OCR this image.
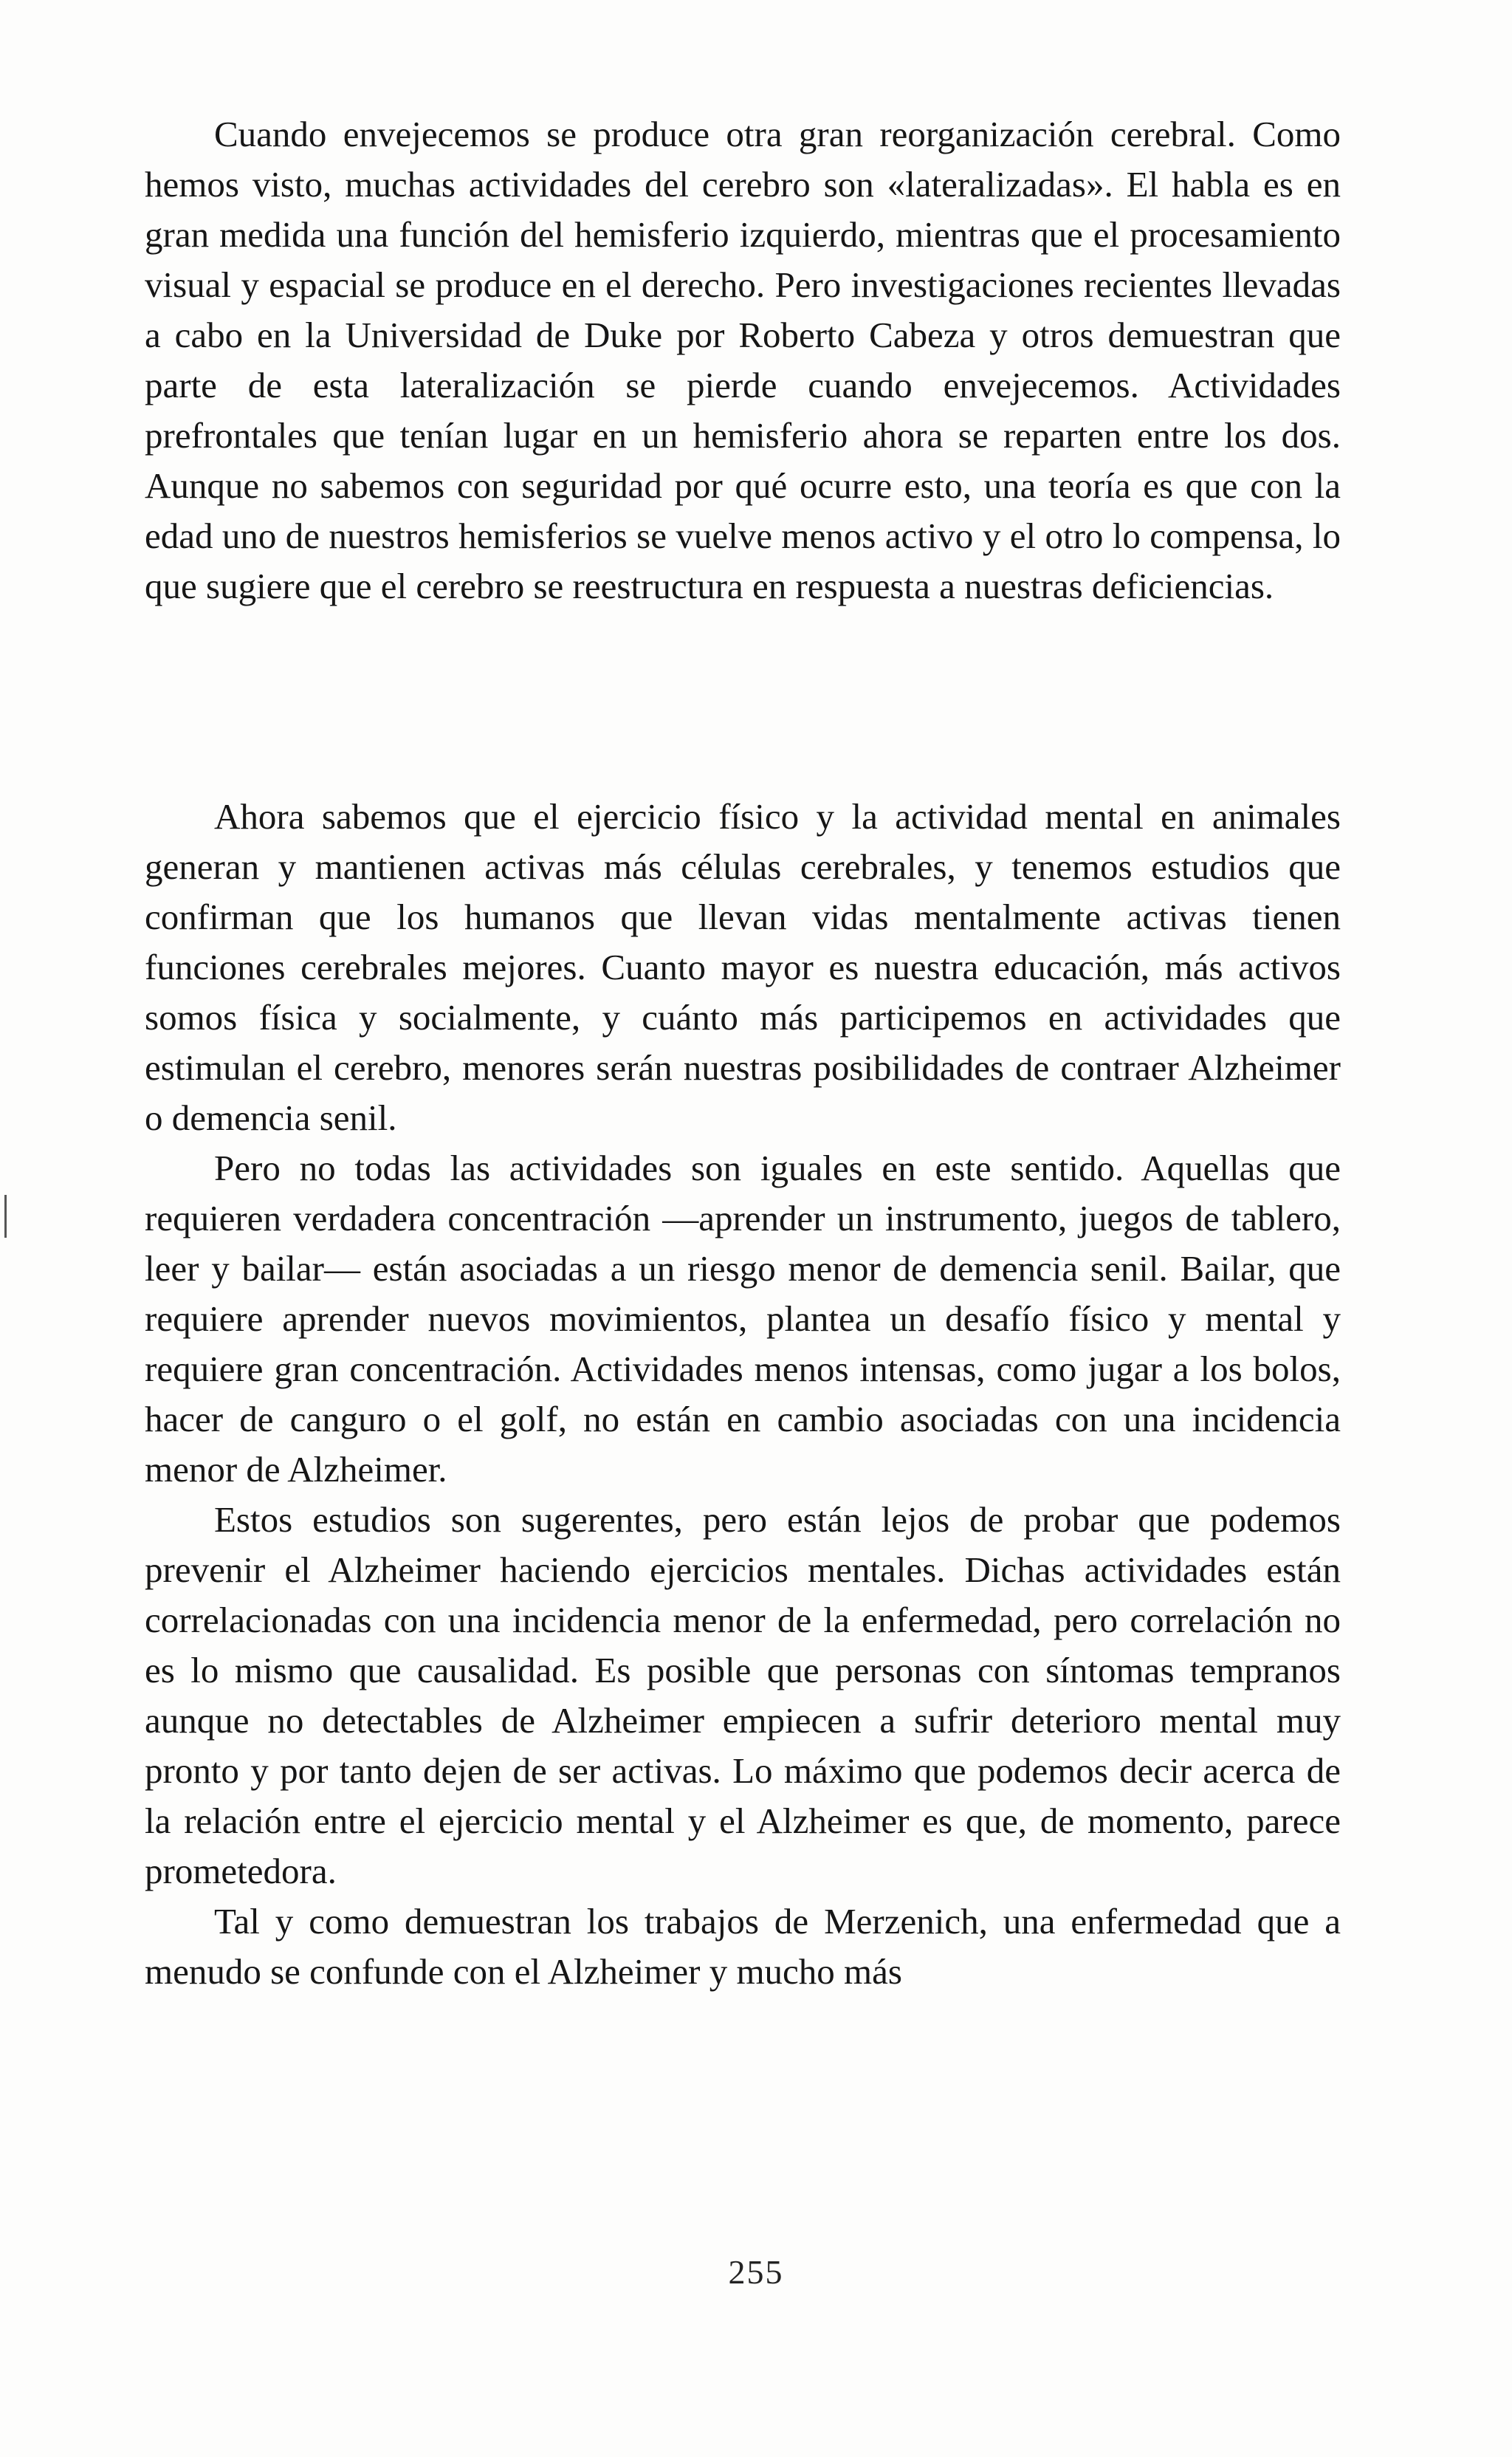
Cuando envejecemos se produce otra gran reorganización cerebral. Como hemos visto, muchas actividades del cerebro son «lateralizadas». El habla es en gran medida una función del hemisferio izquierdo, mientras que el procesamiento visual y espacial se produce en el derecho. Pero investigaciones recientes llevadas a cabo en la Universidad de Duke por Roberto Cabeza y otros demuestran que parte de esta lateralización se pierde cuando envejecemos. Actividades prefrontales que tenían lugar en un hemisferio ahora se reparten entre los dos. Aunque no sabemos con seguridad por qué ocurre esto, una teoría es que con la edad uno de nuestros hemisferios se vuelve menos activo y el otro lo compensa, lo que sugiere que el cerebro se reestructura en respuesta a nuestras deficiencias.

Ahora sabemos que el ejercicio físico y la actividad mental en animales generan y mantienen activas más células cerebrales, y tenemos estudios que confirman que los humanos que llevan vidas mentalmente activas tienen funciones cerebrales mejores. Cuanto mayor es nuestra educación, más activos somos física y socialmente, y cuánto más participemos en actividades que estimulan el cerebro, menores serán nuestras posibilidades de contraer Alzheimer o demencia senil.

Pero no todas las actividades son iguales en este sentido. Aquellas que requieren verdadera concentración —aprender un instrumento, juegos de tablero, leer y bailar— están asociadas a un riesgo menor de demencia senil. Bailar, que requiere aprender nuevos movimientos, plantea un desafío físico y mental y requiere gran concentración. Actividades menos intensas, como jugar a los bolos, hacer de canguro o el golf, no están en cambio asociadas con una incidencia menor de Alzheimer.

Estos estudios son sugerentes, pero están lejos de probar que podemos prevenir el Alzheimer haciendo ejercicios mentales. Dichas actividades están correlacionadas con una incidencia menor de la enfermedad, pero correlación no es lo mismo que causalidad. Es posible que personas con síntomas tempranos aunque no detectables de Alzheimer empiecen a sufrir deterioro mental muy pronto y por tanto dejen de ser activas. Lo máximo que podemos decir acerca de la relación entre el ejercicio mental y el Alzheimer es que, de momento, parece prometedora.

Tal y como demuestran los trabajos de Merzenich, una enfermedad que a menudo se confunde con el Alzheimer y mucho más

255
